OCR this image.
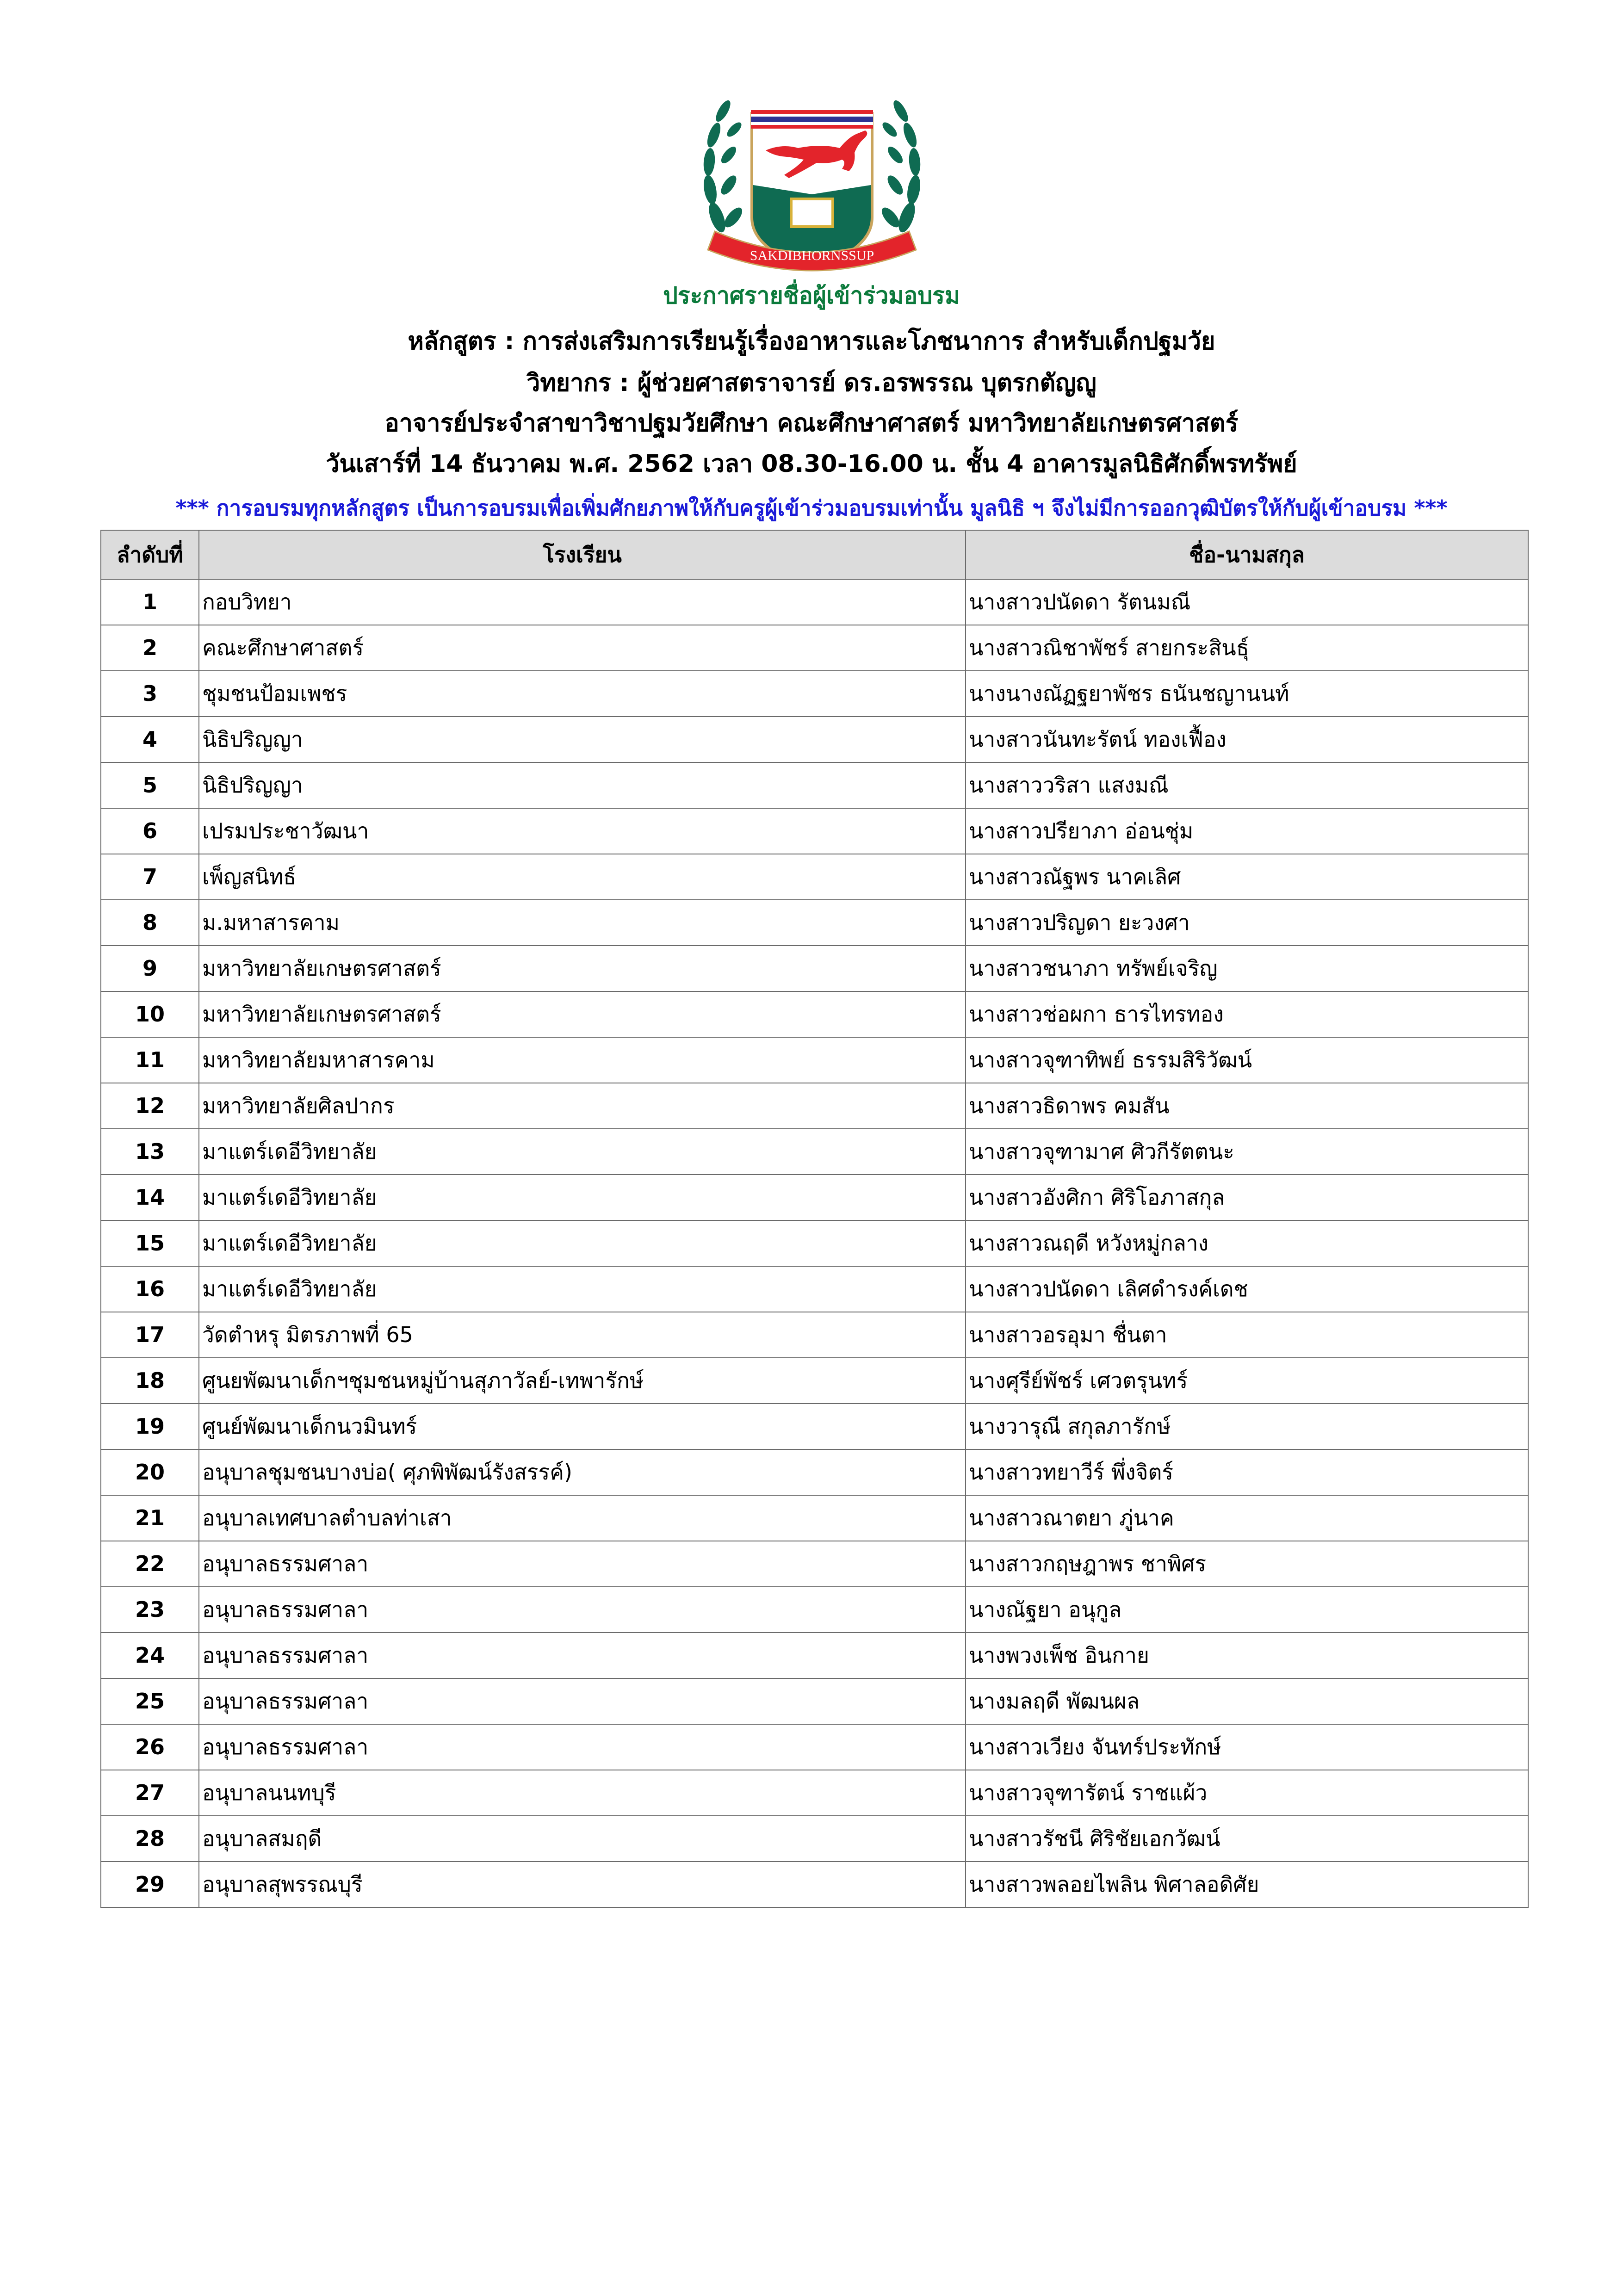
SAKDIBHORNSSUP
ประกาศรายชื่อผู้เข้าร่วมอบรม
หลักสูตร : การส่งเสริมการเรียนรู้เรื่องอาหารและโภชนาการ สำหรับเด็กปฐมวัย
วิทยากร : ผู้ช่วยศาสตราจารย์ ดร.อรพรรณ บุตรกตัญญู
อาจารย์ประจำสาขาวิชาปฐมวัยศึกษา คณะศึกษาศาสตร์ มหาวิทยาลัยเกษตรศาสตร์
วันเสาร์ที่ 14 ธันวาคม พ.ศ. 2562 เวลา 08.30-16.00 น. ชั้น 4 อาคารมูลนิธิศักดิ์พรทรัพย์
*** การอบรมทุกหลักสูตร เป็นการอบรมเพื่อเพิ่มศักยภาพให้กับครูผู้เข้าร่วมอบรมเท่านั้น มูลนิธิ ฯ จึงไม่มีการออกวุฒิบัตรให้กับผู้เข้าอบรม ***
ลำดับที่	โรงเรียน	ชื่อ-นามสกุล
1	กอบวิทยา	นางสาวปนัดดา รัตนมณี
2	คณะศึกษาศาสตร์	นางสาวณิชาพัชร์ สายกระสินธุ์
3	ชุมชนป้อมเพชร	นางนางณัฏฐยาพัชร ธนันชญานนท์
4	นิธิปริญญา	นางสาวนันทะรัตน์ ทองเฟื้อง
5	นิธิปริญญา	นางสาววริสา แสงมณี
6	เปรมประชาวัฒนา	นางสาวปรียาภา อ่อนชุ่ม
7	เพ็ญสนิทธ์	นางสาวณัฐพร นาคเลิศ
8	ม.มหาสารคาม	นางสาวปริญดา ยะวงศา
9	มหาวิทยาลัยเกษตรศาสตร์	นางสาวชนาภา ทรัพย์เจริญ
10	มหาวิทยาลัยเกษตรศาสตร์	นางสาวช่อผกา ธารไทรทอง
11	มหาวิทยาลัยมหาสารคาม	นางสาวจุฑาทิพย์ ธรรมสิริวัฒน์
12	มหาวิทยาลัยศิลปากร	นางสาวธิดาพร คมสัน
13	มาแตร์เดอีวิทยาลัย	นางสาวจุฑามาศ ศิวกีรัตตนะ
14	มาแตร์เดอีวิทยาลัย	นางสาวอังศิกา ศิริโอภาสกุล
15	มาแตร์เดอีวิทยาลัย	นางสาวณฤดี หวังหมู่กลาง
16	มาแตร์เดอีวิทยาลัย	นางสาวปนัดดา เลิศดำรงค์เดช
17	วัดตำหรุ มิตรภาพที่ 65	นางสาวอรอุมา ชื่นตา
18	ศูนยพัฒนาเด็กฯชุมชนหมู่บ้านสุภาวัลย์-เทพารักษ์	นางศุรีย์พัชร์ เศวตรุนทร์
19	ศูนย์พัฒนาเด็กนวมินทร์	นางวารุณี สกุลภารักษ์
20	อนุบาลชุมชนบางบ่อ( ศุภพิพัฒน์รังสรรค์)	นางสาวทยาวีร์ พึ่งจิตร์
21	อนุบาลเทศบาลตำบลท่าเสา	นางสาวณาตยา ภู่นาค
22	อนุบาลธรรมศาลา	นางสาวกฤษฎาพร ชาพิศร
23	อนุบาลธรรมศาลา	นางณัฐยา อนุกูล
24	อนุบาลธรรมศาลา	นางพวงเพ็ช อินกาย
25	อนุบาลธรรมศาลา	นางมลฤดี พัฒนผล
26	อนุบาลธรรมศาลา	นางสาวเวียง จันทร์ประทักษ์
27	อนุบาลนนทบุรี	นางสาวจุฑารัตน์ ราชแผ้ว
28	อนุบาลสมฤดี	นางสาวรัชนี ศิริชัยเอกวัฒน์
29	อนุบาลสุพรรณบุรี	นางสาวพลอยไพลิน พิศาลอดิศัย
